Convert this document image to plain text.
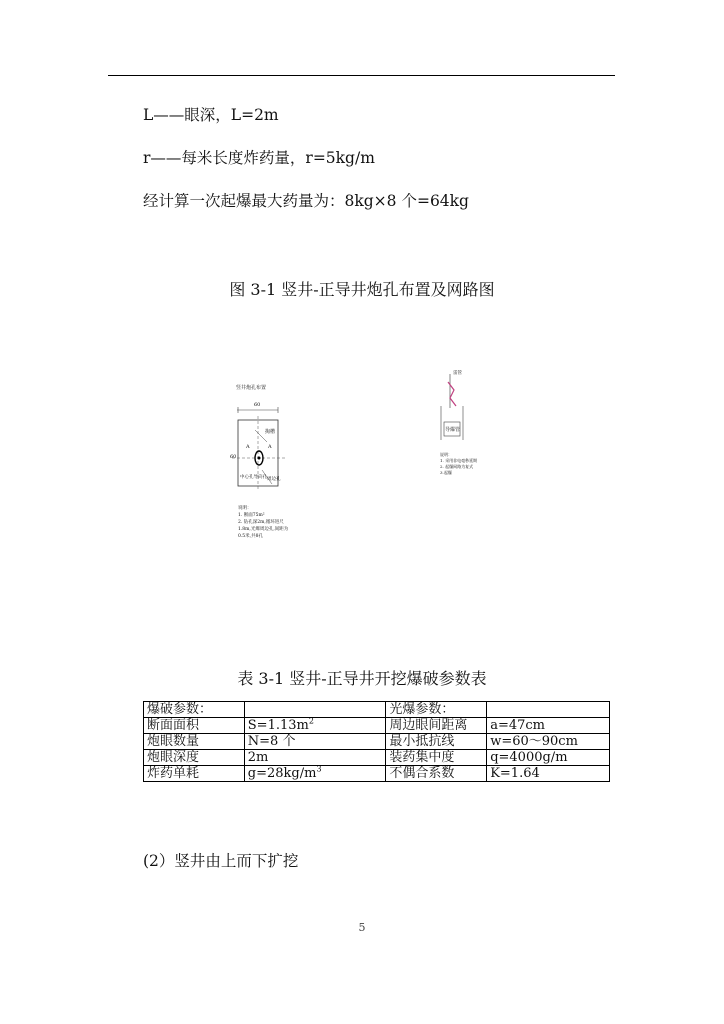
L——眼深，L=2m
r——每米长度炸药量，r=5kg/m
经计算一次起爆最大药量为：8kg×8 个=64kg
图 3-1 竖井-正导井炮孔布置及网路图
竖井炮孔布置
60
60
A	A
掏槽
中心孔导向孔 周边孔
说明：
1. 断面75m²
2. 钻孔深2m,循环进尺
1.8m,光爆周边孔,间距为
0.5米,共8孔
雷管
导爆管
说明：
1. 采用非电毫秒延期
2. 起爆网路为复式
3.起爆
表 3-1 竖井-正导井开挖爆破参数表
爆破参数：		光爆参数：	
断面面积	$S=1.13m^2$	周边眼间距离	a=47cm
炮眼数量	N=8 个	最小抵抗线	w=60～90cm
炮眼深度	2m	装药集中度	q=4000g/m
炸药单耗	$g=28kg/m^3$	不偶合系数	K=1.64
(2）竖井由上而下扩挖
5
